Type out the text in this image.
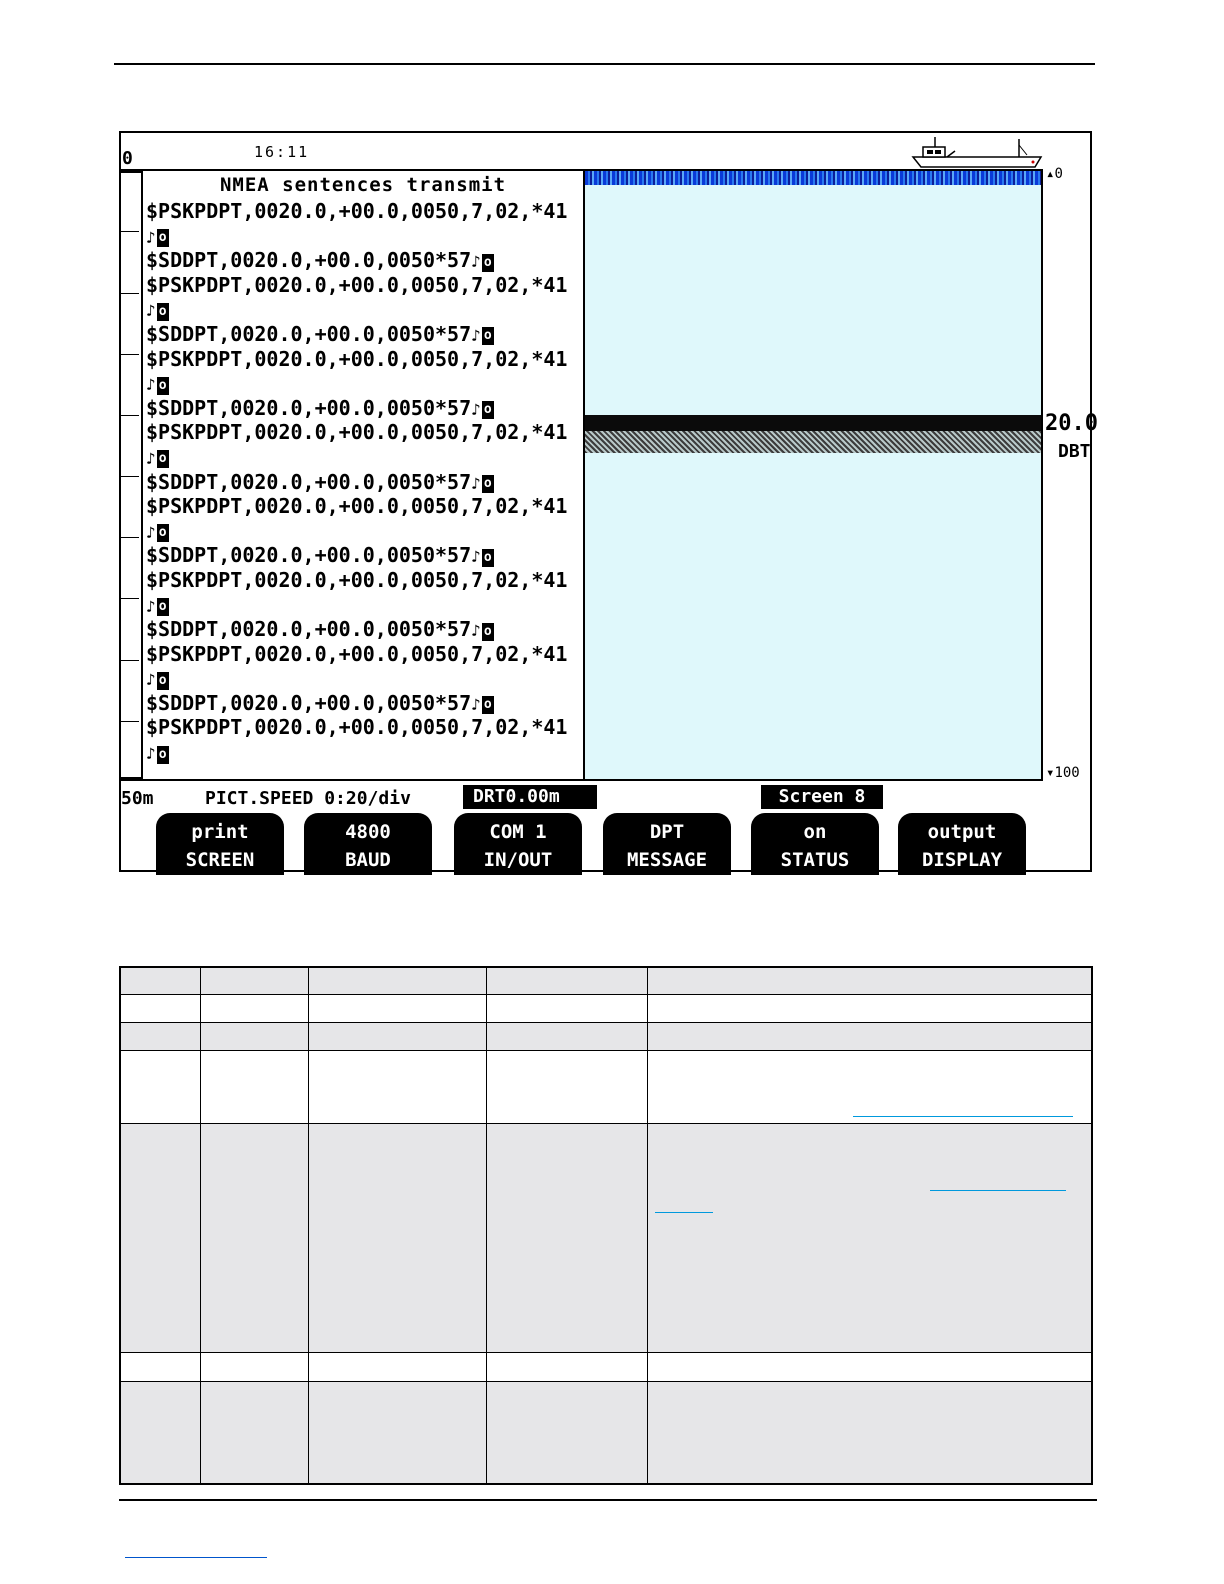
0	16:11
NMEA sentences transmit
$PSKPDPT,0020.0,+00.0,0050,7,02,*41
♪ o
$SDDPT,0020.0,+00.0,0050*57♪ o
$PSKPDPT,0020.0,+00.0,0050,7,02,*41
♪ o
$SDDPT,0020.0,+00.0,0050*57♪ o
$PSKPDPT,0020.0,+00.0,0050,7,02,*41
♪ o
$SDDPT,0020.0,+00.0,0050*57♪ o
$PSKPDPT,0020.0,+00.0,0050,7,02,*41
♪ o
$SDDPT,0020.0,+00.0,0050*57♪ o
$PSKPDPT,0020.0,+00.0,0050,7,02,*41
♪ o
$SDDPT,0020.0,+00.0,0050*57♪ o
$PSKPDPT,0020.0,+00.0,0050,7,02,*41
♪ o
$SDDPT,0020.0,+00.0,0050*57♪ o
$PSKPDPT,0020.0,+00.0,0050,7,02,*41
♪ o
$SDDPT,0020.0,+00.0,0050*57♪ o
$PSKPDPT,0020.0,+00.0,0050,7,02,*41
♪ o
▴0
▾100
20.0
DBT
50m	PICT.SPEED 0:20/div	DRT0.00m	Screen 8
print
SCREEN
4800
BAUD
COM 1
IN/OUT
DPT
MESSAGE
on
STATUS
output
DISPLAY
